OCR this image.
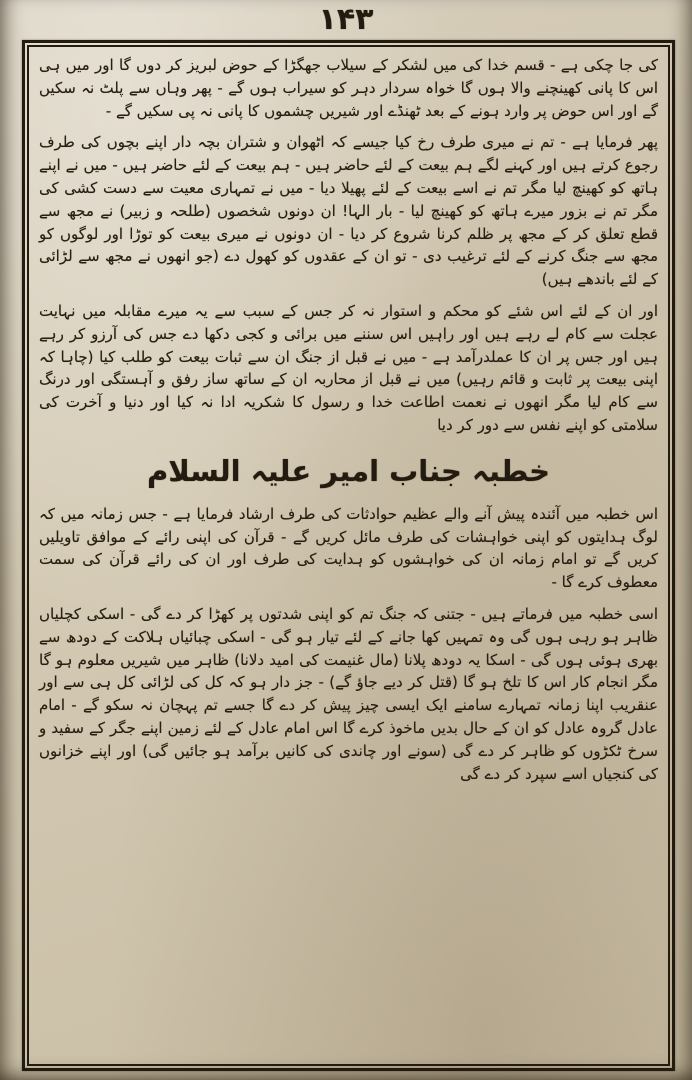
۱۴۳

کی جا چکی ہے - قسم خدا کی میں لشکر کے سیلاب جھگڑا کے حوض لبریز کر دوں گا اور میں ہی اس کا پانی کھینچنے والا ہوں گا خواہ سردار دہر کو سیراب ہوں گے - پھر وہاں سے پلٹ نہ سکیں گے اور اس حوض پر وارد ہونے کے بعد ٹھنڈے اور شیریں چشموں کا پانی نہ پی سکیں گے -

پھر فرمایا ہے - تم نے میری طرف رخ کیا جیسے کہ اٹھوان و شتران بچہ دار اپنے بچوں کی طرف رجوع کرتے ہیں اور کہنے لگے ہم بیعت کے لئے حاضر ہیں - ہم بیعت کے لئے حاضر ہیں - میں نے اپنے ہاتھ کو کھینچ لیا مگر تم نے اسے بیعت کے لئے پھیلا دیا - میں نے تمہاری معیت سے دست کشی کی مگر تم نے بزور میرے ہاتھ کو کھینچ لیا - بار الہا! ان دونوں شخصوں (طلحہ و زبیر) نے مجھ سے قطع تعلق کر کے مجھ پر ظلم کرنا شروع کر دیا - ان دونوں نے میری بیعت کو توڑا اور لوگوں کو مجھ سے جنگ کرنے کے لئے ترغیب دی - تو ان کے عقدوں کو کھول دے (جو انھوں نے مجھ سے لڑائی کے لئے باندھے ہیں)

اور ان کے لئے اس شئے کو محکم و استوار نہ کر جس کے سبب سے یہ میرے مقابلہ میں نہایت عجلت سے کام لے رہے ہیں اور راہیں اس سننے میں برائی و کجی دکھا دے جس کی آرزو کر رہے ہیں اور جس پر ان کا عملدرآمد ہے - میں نے قبل از جنگ ان سے ثبات بیعت کو طلب کیا (چاہا کہ اپنی بیعت پر ثابت و قائم رہیں) میں نے قبل از محاربہ ان کے ساتھ ساز رفق و آہستگی اور درنگ سے کام لیا مگر انھوں نے نعمت اطاعت خدا و رسول کا شکریہ ادا نہ کیا اور دنیا و آخرت کی سلامتی کو اپنے نفس سے دور کر دیا

خطبہ جناب امیر علیہ السلام

اس خطبہ میں آئندہ پیش آنے والے عظیم حوادثات کی طرف ارشاد فرمایا ہے - جس زمانہ میں کہ لوگ ہدایتوں کو اپنی خواہشات کی طرف مائل کریں گے - قرآن کی اپنی رائے کے موافق تاویلیں کریں گے تو امام زمانہ ان کی خواہشوں کو ہدایت کی طرف اور ان کی رائے قرآن کی سمت معطوف کرے گا -

اسی خطبہ میں فرماتے ہیں - جتنی کہ جنگ تم کو اپنی شدتوں پر کھڑا کر دے گی - اسکی کچلیاں ظاہر ہو رہی ہوں گی وہ تمہیں کھا جانے کے لئے تیار ہو گی - اسکی چبائیاں ہلاکت کے دودھ سے بھری ہوئی ہوں گی - اسکا یہ دودھ پلانا (مال غنیمت کی امید دلانا) ظاہر میں شیریں معلوم ہو گا مگر انجام کار اس کا تلخ ہو گا (قتل کر دیے جاؤ گے) - جز دار ہو کہ کل کی لڑائی کل ہی سے اور عنقریب اپنا زمانہ تمہارے سامنے ایک ایسی چیز پیش کر دے گا جسے تم پہچان نہ سکو گے - امام عادل گروہ عادل کو ان کے حال بدیں ماخوذ کرے گا اس امام عادل کے لئے زمین اپنے جگر کے سفید و سرخ ٹکڑوں کو ظاہر کر دے گی (سونے اور چاندی کی کانیں برآمد ہو جائیں گی) اور اپنے خزانوں کی کنجیاں اسے سپرد کر دے گی
